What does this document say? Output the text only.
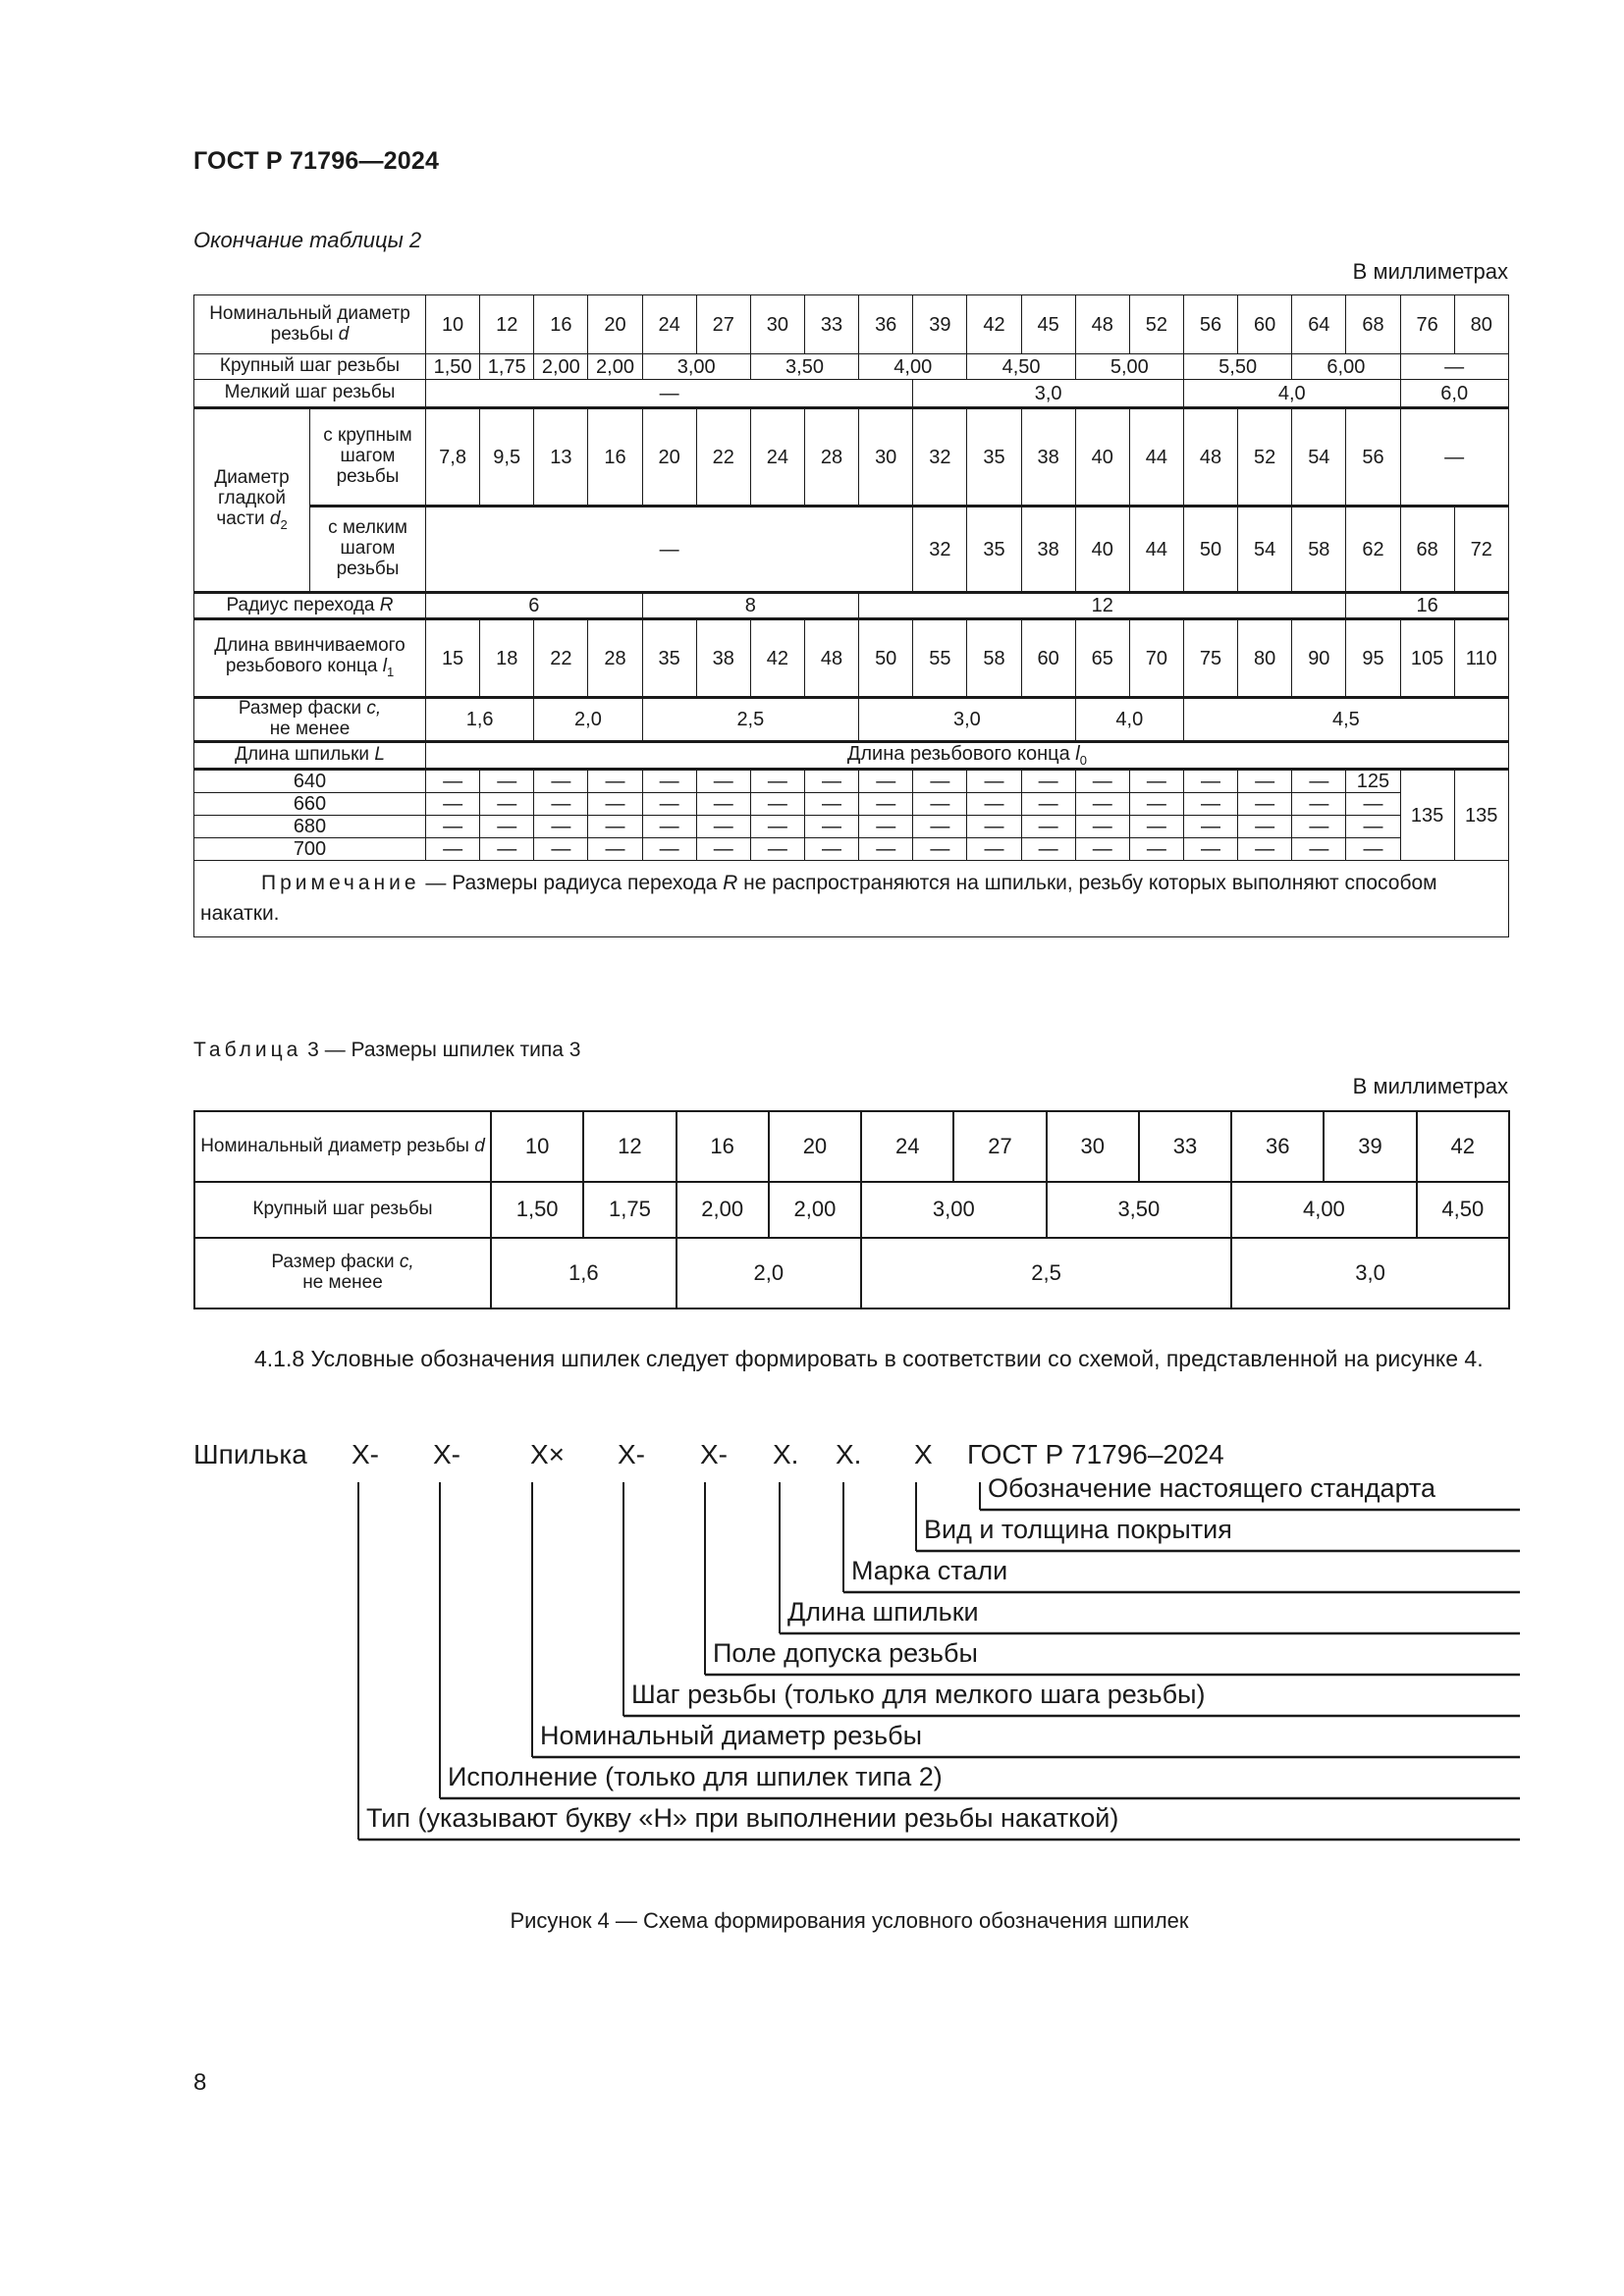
ГОСТ Р 71796—2024
Окончание таблицы 2
В миллиметрах
Номинальный диаметр резьбы d		10	12	16	20	24	27	30	33	36	39	42	45	48	52	56	60	64	68	76	80
Крупный шаг резьбы		1,50	1,75	2,00	2,00	3,00		3,50		4,00		4,50		5,00		5,50		6,00		—	
Мелкий шаг резьбы		—									3,0					4,0				6,0	
Диаметр гладкой части $d_2$	с крупным шагом резьбы	7,8	9,5	13	16	20	22	24	28	30	32	35	38	40	44	48	52	54	56	—	
	с мелким шагом резьбы	—									32	35	38	40	44	50	54	58	62	68	72
Радиус перехода R		6				8				12									16		
Длина ввинчиваемого резьбового конца $l_1$		15	18	22	28	35	38	42	48	50	55	58	60	65	70	75	80	90	95	105	110
Размер фаски c,
не менее		1,6		2,0		2,5				3,0				4,0		4,5					
Длина шпильки L		Длина резьбового конца $l_0$
640		—	—	—	—	—	—	—	—	—	—	—	—	—	—	—	—	—	125	135	135
660		—	—	—	—	—	—	—	—	—	—	—	—	—	—	—	—	—	—		
680		—	—	—	—	—	—	—	—	—	—	—	—	—	—	—	—	—	—		
700		—	—	—	—	—	—	—	—	—	—	—	—	—	—	—	—	—	—		
Примечание — Размеры радиуса перехода R не распространяются на шпильки, резьбу которых выполняют способом накатки.																					
Таблица 3 — Размеры шпилек типа 3
В миллиметрах
Номинальный диаметр резьбы d	10	12	16	20	24	27	30	33	36	39	42
Крупный шаг резьбы	1,50	1,75	2,00	2,00	3,00		3,50		4,00		4,50
Размер фаски c,
не менее	1,6		2,0		2,5				3,0		
4.1.8 Условные обозначения шпилек следует формировать в соответствии со схемой, представленной на рисунке 4.
Шпилька X- X-	X× X- X- X. X. X ГОСТ Р 71796–2024
Обозначение настоящего стандарта
Вид и толщина покрытия
Марка стали
Длина шпильки
Поле допуска резьбы
Шаг резьбы (только для мелкого шага резьбы)
Номинальный диаметр резьбы
Исполнение (только для шпилек типа 2)
Тип (указывают букву «Н» при выполнении резьбы накаткой)
Рисунок 4 — Схема формирования условного обозначения шпилек
8
